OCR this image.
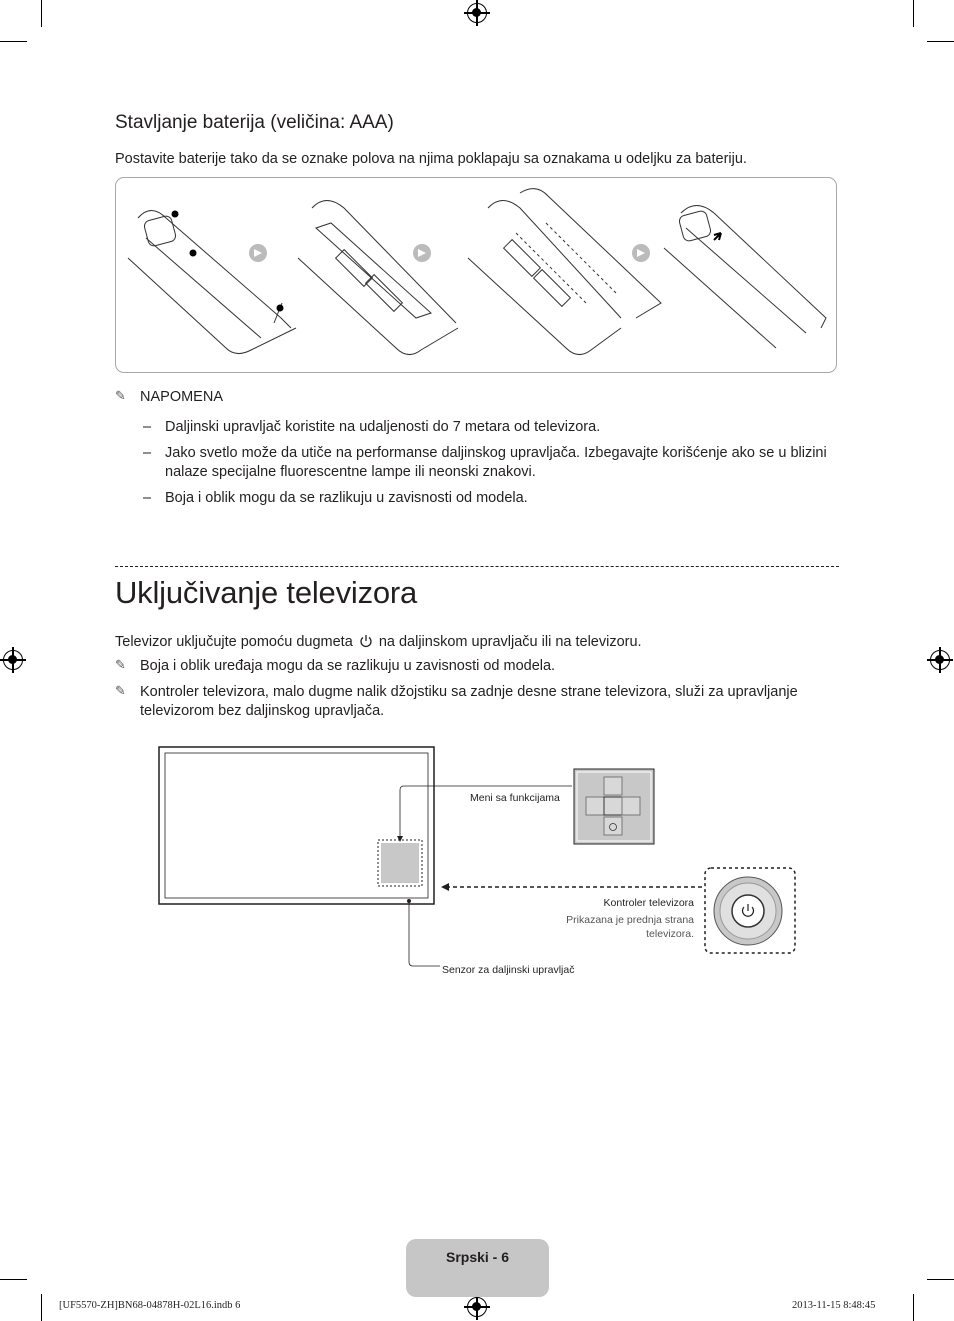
Stavljanje baterija (veličina: AAA)
Postavite baterije tako da se oznake polova na njima poklapaju sa oznakama u odeljku za bateriju.
✎ NAPOMENA
– Daljinski upravljač koristite na udaljenosti do 7 metara od televizora.
– Jako svetlo može da utiče na performanse daljinskog upravljača. Izbegavajte korišćenje ako se u blizini nalaze specijalne fluorescentne lampe ili neonski znakovi.
– Boja i oblik mogu da se razlikuju u zavisnosti od modela.
Uključivanje televizora
Televizor uključujte pomoću dugmeta na daljinskom upravljaču ili na televizoru.
✎ Boja i oblik uređaja mogu da se razlikuju u zavisnosti od modela.
✎ Kontroler televizora, malo dugme nalik džojstiku sa zadnje desne strane televizora, služi za upravljanje televizorom bez daljinskog upravljača.
Meni sa funkcijama
Kontroler televizora
Prikazana je prednja strana
televizora.
Senzor za daljinski upravljač
Srpski - 6
[UF5570-ZH]BN68-04878H-02L16.indb 6	2013-11-15 8:48:45
